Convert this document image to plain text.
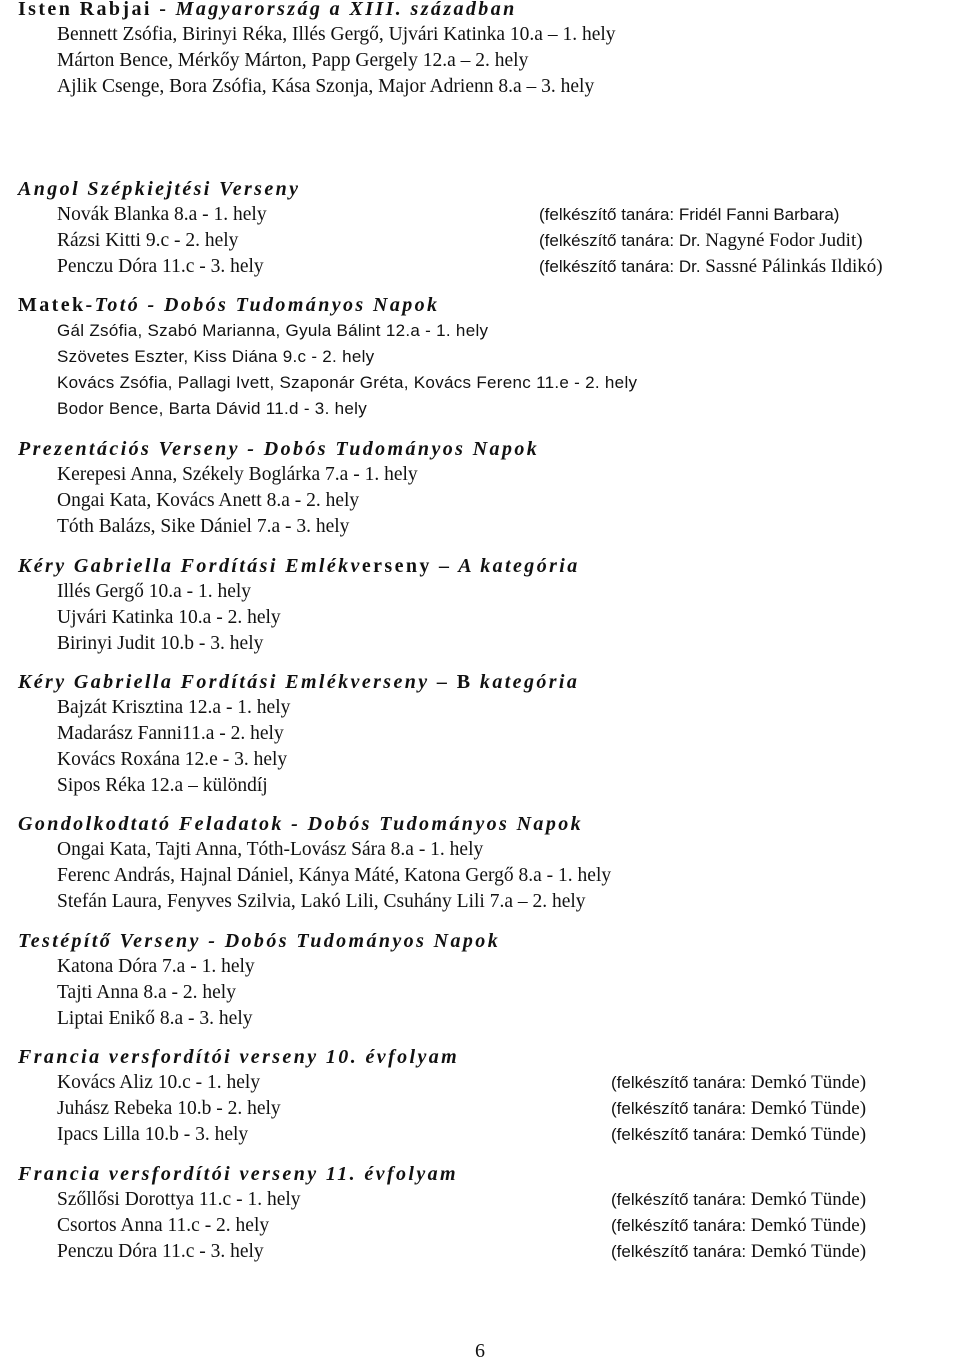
Isten Rabjai - Magyarország a XIII. században
Bennett Zsófia, Birinyi Réka, Illés Gergő, Ujvári Katinka 10.a – 1. hely
Márton Bence, Mérkőy Márton, Papp Gergely 12.a – 2. hely
Ajlik Csenge, Bora Zsófia, Kása Szonja, Major Adrienn 8.a – 3. hely
Angol Szépkiejtési Verseny
Novák Blanka 8.a - 1. hely	(felkészítő tanára: Fridél Fanni Barbara)
Rázsi Kitti 9.c - 2. hely	(felkészítő tanára: Dr. Nagyné Fodor Judit)
Penczu Dóra 11.c - 3. hely	(felkészítő tanára: Dr. Sassné Pálinkás Ildikó)
Matek-Totó - Dobós Tudományos Napok
Gál Zsófia, Szabó Marianna, Gyula Bálint 12.a - 1. hely
Szövetes Eszter, Kiss Diána 9.c - 2. hely
Kovács Zsófia, Pallagi Ivett, Szaponár Gréta, Kovács Ferenc 11.e - 2. hely
Bodor Bence, Barta Dávid 11.d - 3. hely
Prezentációs Verseny - Dobós Tudományos Napok
Kerepesi Anna, Székely Boglárka 7.a - 1. hely
Ongai Kata, Kovács Anett 8.a - 2. hely
Tóth Balázs, Sike Dániel 7.a - 3. hely
Kéry Gabriella Fordítási Emlékverseny – A kategória
Illés Gergő 10.a - 1. hely
Ujvári Katinka 10.a - 2. hely
Birinyi Judit 10.b - 3. hely
Kéry Gabriella Fordítási Emlékverseny – B kategória
Bajzát Krisztina 12.a - 1. hely
Madarász Fanni11.a - 2. hely
Kovács Roxána 12.e - 3. hely
Sipos Réka 12.a – különdíj
Gondolkodtató Feladatok - Dobós Tudományos Napok
Ongai Kata, Tajti Anna, Tóth-Lovász Sára 8.a - 1. hely
Ferenc András, Hajnal Dániel, Kánya Máté, Katona Gergő 8.a - 1. hely
Stefán Laura, Fenyves Szilvia, Lakó Lili, Csuhány Lili 7.a – 2. hely
Testépítő Verseny - Dobós Tudományos Napok
Katona Dóra 7.a - 1. hely
Tajti Anna 8.a - 2. hely
Liptai Enikő 8.a - 3. hely
Francia versfordítói verseny 10. évfolyam
Kovács Aliz 10.c - 1. hely	(felkészítő tanára: Demkó Tünde)
Juhász Rebeka 10.b - 2. hely	(felkészítő tanára: Demkó Tünde)
Ipacs Lilla 10.b - 3. hely	(felkészítő tanára: Demkó Tünde)
Francia versfordítói verseny 11. évfolyam
Szőllősi Dorottya 11.c - 1. hely	(felkészítő tanára: Demkó Tünde)
Csortos Anna 11.c - 2. hely	(felkészítő tanára: Demkó Tünde)
Penczu Dóra 11.c - 3. hely	(felkészítő tanára: Demkó Tünde)
6
